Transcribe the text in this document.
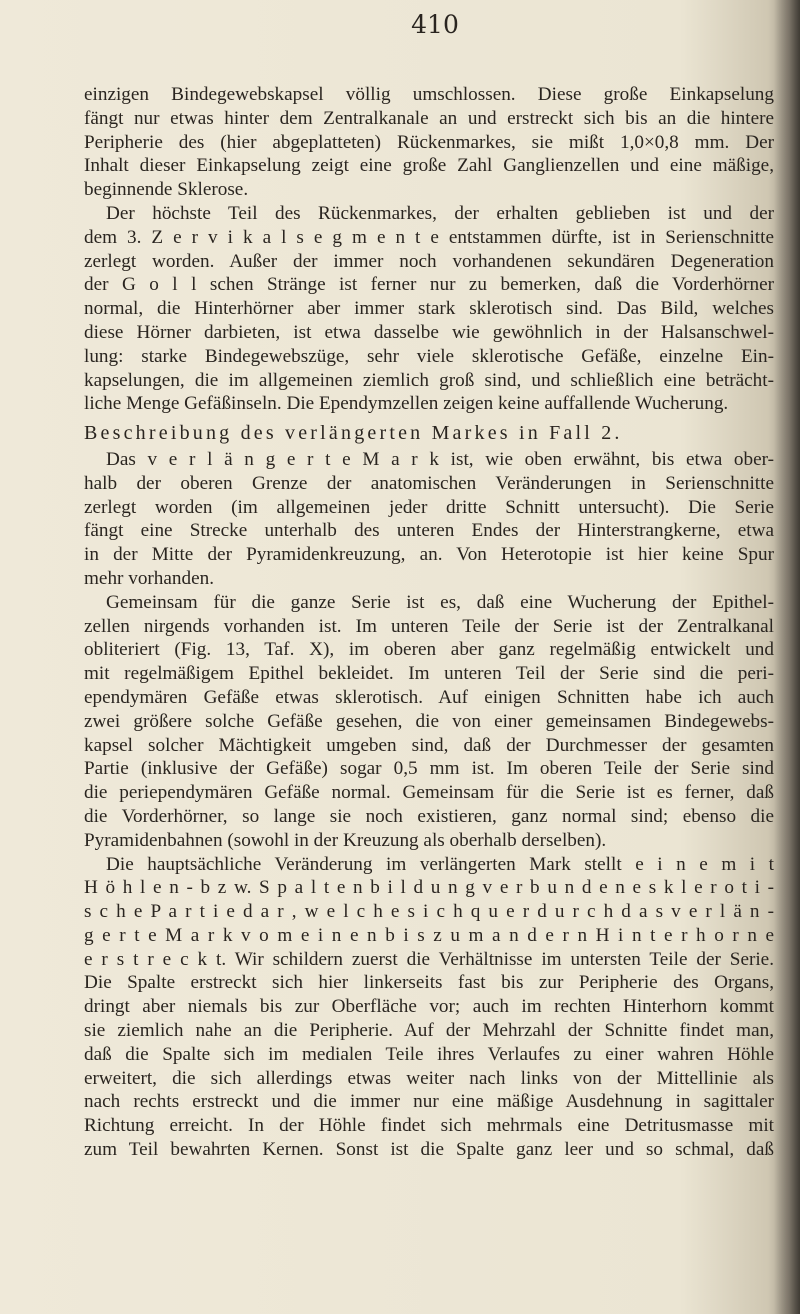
410
einzigen Bindegewebskapsel völlig umschlossen. Diese große Einkapselung
fängt nur etwas hinter dem Zentralkanale an und erstreckt sich bis an die hintere
Peripherie des (hier abgeplatteten) Rückenmarkes, sie mißt 1,0×0,8 mm. Der
Inhalt dieser Einkapselung zeigt eine große Zahl Ganglienzellen und eine mäßige,
beginnende Sklerose.
Der höchste Teil des Rückenmarkes, der erhalten geblieben ist und der
dem 3. Z e r v i k a l s e g m e n t e entstammen dürfte, ist in Serienschnitte
zerlegt worden. Außer der immer noch vorhandenen sekundären Degeneration
der G o l l schen Stränge ist ferner nur zu bemerken, daß die Vorderhörner
normal, die Hinterhörner aber immer stark sklerotisch sind. Das Bild, welches
diese Hörner darbieten, ist etwa dasselbe wie gewöhnlich in der Halsanschwel-
lung: starke Bindegewebszüge, sehr viele sklerotische Gefäße, einzelne Ein-
kapselungen, die im allgemeinen ziemlich groß sind, und schließlich eine beträcht-
liche Menge Gefäßinseln. Die Ependymzellen zeigen keine auffallende Wucherung.
Beschreibung des verlängerten Markes in Fall 2.
Das v e r l ä n g e r t e M a r k ist, wie oben erwähnt, bis etwa ober-
halb der oberen Grenze der anatomischen Veränderungen in Serienschnitte
zerlegt worden (im allgemeinen jeder dritte Schnitt untersucht). Die Serie
fängt eine Strecke unterhalb des unteren Endes der Hinterstrangkerne, etwa
in der Mitte der Pyramidenkreuzung, an. Von Heterotopie ist hier keine Spur
mehr vorhanden.
Gemeinsam für die ganze Serie ist es, daß eine Wucherung der Epithel-
zellen nirgends vorhanden ist. Im unteren Teile der Serie ist der Zentralkanal
obliteriert (Fig. 13, Taf. X), im oberen aber ganz regelmäßig entwickelt und
mit regelmäßigem Epithel bekleidet. Im unteren Teil der Serie sind die peri-
ependymären Gefäße etwas sklerotisch. Auf einigen Schnitten habe ich auch
zwei größere solche Gefäße gesehen, die von einer gemeinsamen Bindegewebs-
kapsel solcher Mächtigkeit umgeben sind, daß der Durchmesser der gesamten
Partie (inklusive der Gefäße) sogar 0,5 mm ist. Im oberen Teile der Serie sind
die periependymären Gefäße normal. Gemeinsam für die Serie ist es ferner, daß
die Vorderhörner, so lange sie noch existieren, ganz normal sind; ebenso die
Pyramidenbahnen (sowohl in der Kreuzung als oberhalb derselben).
Die hauptsächliche Veränderung im verlängerten Mark stellt e i n e m i t
H ö h l e n - b z w. S p a l t e n b i l d u n g v e r b u n d e n e s k l e r o t i -
s c h e P a r t i e d a r , w e l c h e s i c h q u e r d u r c h d a s v e r l ä n -
g e r t e M a r k v o m e i n e n b i s z u m a n d e r n H i n t e r h o r n e
e r s t r e c k t. Wir schildern zuerst die Verhältnisse im untersten Teile der Serie.
Die Spalte erstreckt sich hier linkerseits fast bis zur Peripherie des Organs,
dringt aber niemals bis zur Oberfläche vor; auch im rechten Hinterhorn kommt
sie ziemlich nahe an die Peripherie. Auf der Mehrzahl der Schnitte findet man,
daß die Spalte sich im medialen Teile ihres Verlaufes zu einer wahren Höhle
erweitert, die sich allerdings etwas weiter nach links von der Mittellinie als
nach rechts erstreckt und die immer nur eine mäßige Ausdehnung in sagittaler
Richtung erreicht. In der Höhle findet sich mehrmals eine Detritusmasse mit
zum Teil bewahrten Kernen. Sonst ist die Spalte ganz leer und so schmal, daß
